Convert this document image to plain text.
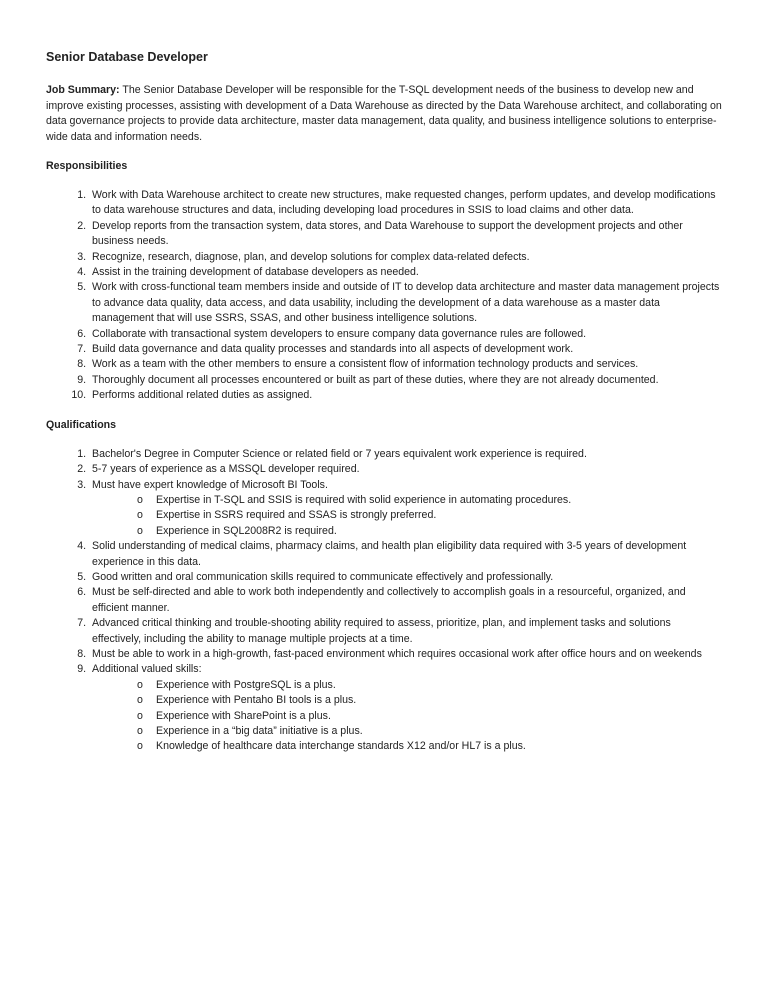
Senior Database Developer

Job Summary: The Senior Database Developer will be responsible for the T-SQL development needs of the business to develop new and improve existing processes, assisting with development of a Data Warehouse as directed by the Data Warehouse architect, and collaborating on data governance projects to provide data architecture, master data management, data quality, and business intelligence solutions to enterprise-wide data and information needs.

Responsibilities
1. Work with Data Warehouse architect to create new structures, make requested changes, perform updates, and develop modifications to data warehouse structures and data, including developing load procedures in SSIS to load claims and other data.
2. Develop reports from the transaction system, data stores, and Data Warehouse to support the development projects and other business needs.
3. Recognize, research, diagnose, plan, and develop solutions for complex data-related defects.
4. Assist in the training development of database developers as needed.
5. Work with cross-functional team members inside and outside of IT to develop data architecture and master data management projects to advance data quality, data access, and data usability, including the development of a data warehouse as a master data management that will use SSRS, SSAS, and other business intelligence solutions.
6. Collaborate with transactional system developers to ensure company data governance rules are followed.
7. Build data governance and data quality processes and standards into all aspects of development work.
8. Work as a team with the other members to ensure a consistent flow of information technology products and services.
9. Thoroughly document all processes encountered or built as part of these duties, where they are not already documented.
10. Performs additional related duties as assigned.
Qualifications
1. Bachelor's Degree in Computer Science or related field or 7 years equivalent work experience is required.
2. 5-7 years of experience as a MSSQL developer required.
3. Must have expert knowledge of Microsoft BI Tools.
o Expertise in T-SQL and SSIS is required with solid experience in automating procedures.
o Expertise in SSRS required and SSAS is strongly preferred.
o Experience in SQL2008R2 is required.
4. Solid understanding of medical claims, pharmacy claims, and health plan eligibility data required with 3-5 years of development experience in this data.
5. Good written and oral communication skills required to communicate effectively and professionally.
6. Must be self-directed and able to work both independently and collectively to accomplish goals in a resourceful, organized, and efficient manner.
7. Advanced critical thinking and trouble-shooting ability required to assess, prioritize, plan, and implement tasks and solutions effectively, including the ability to manage multiple projects at a time.
8. Must be able to work in a high-growth, fast-paced environment which requires occasional work after office hours and on weekends
9. Additional valued skills:
o Experience with PostgreSQL is a plus.
o Experience with Pentaho BI tools is a plus.
o Experience with SharePoint is a plus.
o Experience in a “big data” initiative is a plus.
o Knowledge of healthcare data interchange standards X12 and/or HL7 is a plus.
